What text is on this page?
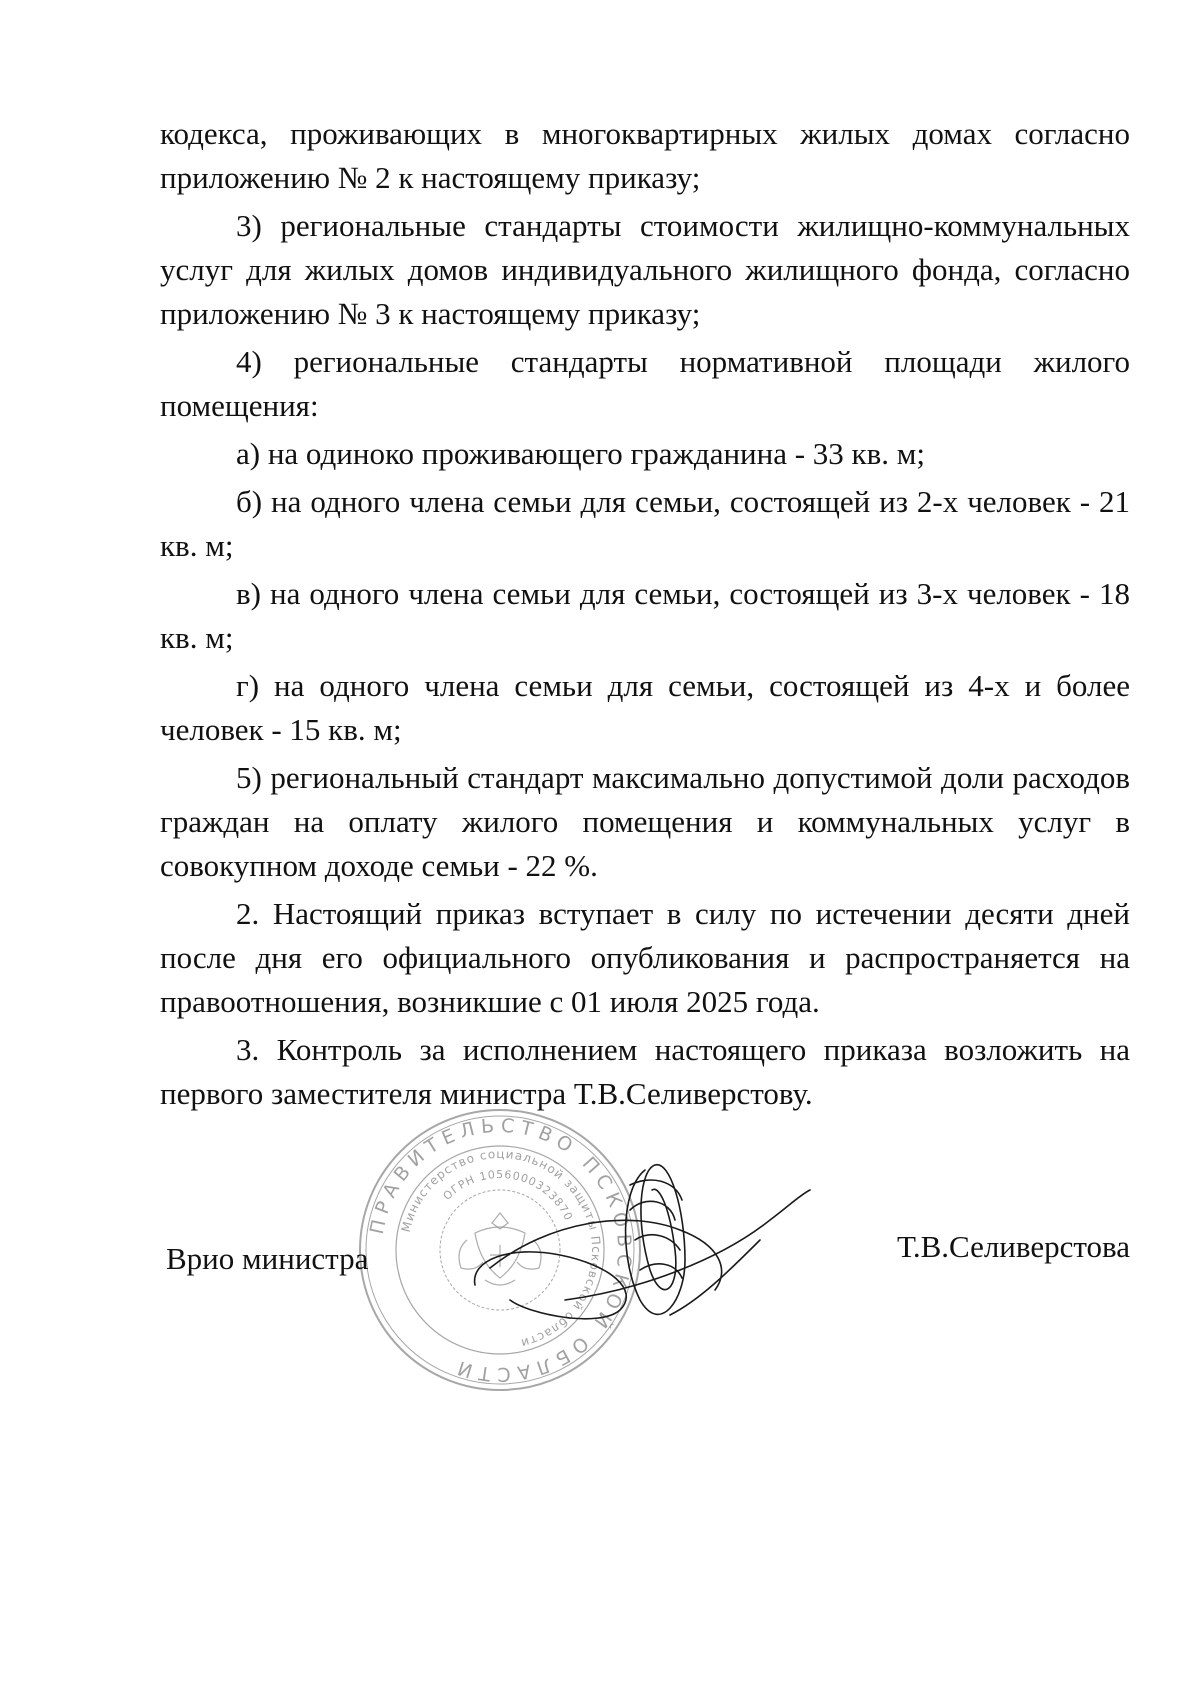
кодекса, проживающих в многоквартирных жилых домах согласно приложению № 2 к настоящему приказу;

3) региональные стандарты стоимости жилищно-коммунальных услуг для жилых домов индивидуального жилищного фонда, согласно приложению № 3 к настоящему приказу;

4) региональные стандарты нормативной площади жилого помещения:

а) на одиноко проживающего гражданина - 33 кв. м;

б) на одного члена семьи для семьи, состоящей из 2-х человек - 21 кв. м;

в) на одного члена семьи для семьи, состоящей из 3-х человек - 18 кв. м;

г) на одного члена семьи для семьи, состоящей из 4-х и более человек - 15 кв. м;

5) региональный стандарт максимально допустимой доли расходов граждан на оплату жилого помещения и коммунальных услуг в совокупном доходе семьи - 22 %.

2. Настоящий приказ вступает в силу по истечении десяти дней после дня его официального опубликования и распространяется на правоотношения, возникшие с 01 июля 2025 года.

3. Контроль за исполнением настоящего приказа возложить на первого заместителя министра Т.В.Селиверстову.

ПРАВИТЕЛЬСТВО ПСКОВСКОЙ ОБЛАСТИ
Министерство социальной защиты Псковской области
ОГРН 1056000323870
Врио министра	Т.В.Селиверстова
